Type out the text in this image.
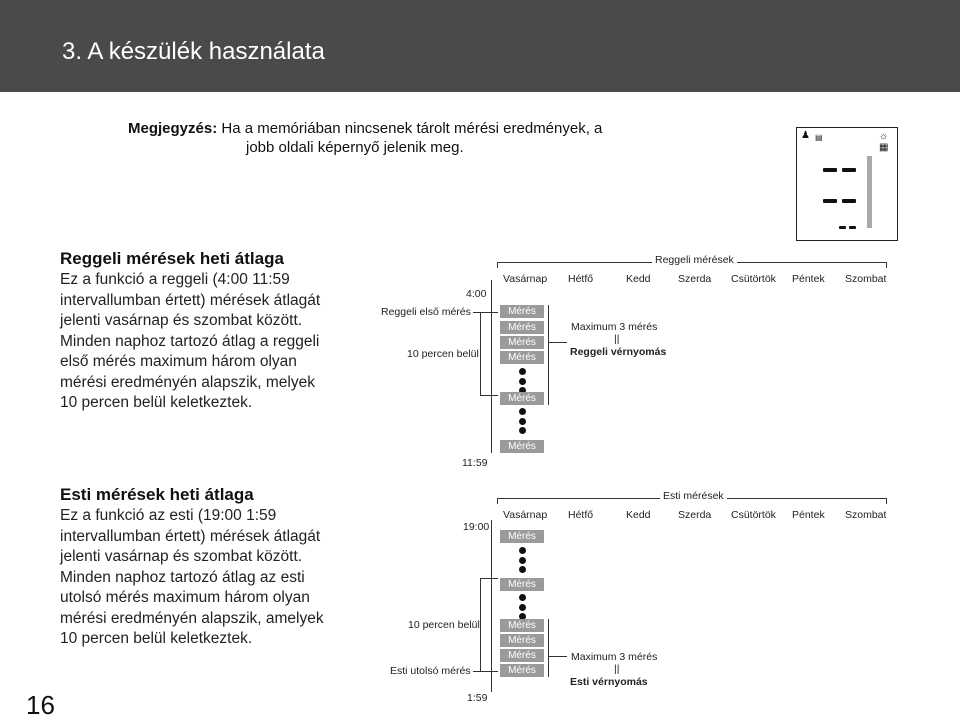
3. A készülék használata
Megjegyzés: Ha a memóriában nincsenek tárolt mérési eredmények, a
jobb oldali képernyő jelenik meg.
♟ ▤	☼
▦
Reggeli mérések heti átlaga
Ez a funkció a reggeli (4:00 11:59
intervallumban értett) mérések átlagát
jelenti vasárnap és szombat között.
Minden naphoz tartozó átlag a reggeli
első mérés maximum három olyan
mérési eredményén alapszik, melyek
10 percen belül keletkeztek.
Reggeli mérések
Vasárnap Hétfő	Kedd	Szerda Csütörtök Péntek Szombat
4:00
11:59
Reggeli első mérés
10 percen belül
Mérés
Mérés
Mérés
Mérés
Mérés
Mérés
Maximum 3 mérés
||
Reggeli vérnyomás
Esti mérések heti átlaga
Ez a funkció az esti (19:00 1:59
intervallumban értett) mérések átlagát
jelenti vasárnap és szombat között.
Minden naphoz tartozó átlag az esti
utolsó mérés maximum három olyan
mérési eredményén alapszik, amelyek
10 percen belül keletkeztek.
Esti mérések
Vasárnap Hétfő	Kedd	Szerda Csütörtök Péntek Szombat
19:00
1:59
10 percen belül
Esti utolsó mérés
Mérés
Mérés
Mérés
Mérés
Mérés
Mérés
Maximum 3 mérés
||
Esti vérnyomás
16
